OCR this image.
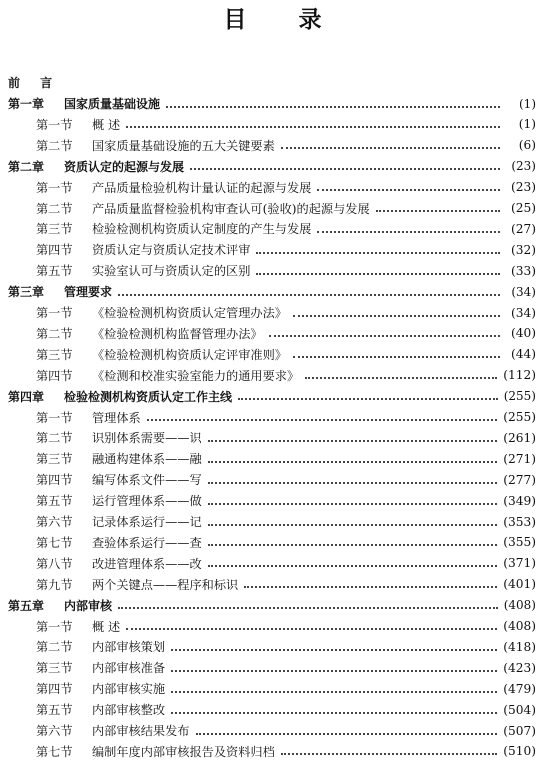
目 录
前 言
第一章	国家质量基础设施	(1)
第一节	概 述	(1)
第二节	国家质量基础设施的五大关键要素	(6)
第二章	资质认定的起源与发展	(23)
第一节	产品质量检验机构计量认证的起源与发展	(23)
第二节	产品质量监督检验机构审查认可(验收)的起源与发展	(25)
第三节	检验检测机构资质认定制度的产生与发展	(27)
第四节	资质认定与资质认定技术评审	(32)
第五节	实验室认可与资质认定的区别	(33)
第三章	管理要求	(34)
第一节	《检验检测机构资质认定管理办法》	(34)
第二节	《检验检测机构监督管理办法》	(40)
第三节	《检验检测机构资质认定评审准则》	(44)
第四节	《检测和校准实验室能力的通用要求》	(112)
第四章	检验检测机构资质认定工作主线	(255)
第一节	管理体系	(255)
第二节	识别体系需要——识	(261)
第三节	融通构建体系——融	(271)
第四节	编写体系文件——写	(277)
第五节	运行管理体系——做	(349)
第六节	记录体系运行——记	(353)
第七节	查验体系运行——查	(355)
第八节	改进管理体系——改	(371)
第九节	两个关键点——程序和标识	(401)
第五章	内部审核	(408)
第一节	概 述	(408)
第二节	内部审核策划	(418)
第三节	内部审核准备	(423)
第四节	内部审核实施	(479)
第五节	内部审核整改	(504)
第六节	内部审核结果发布	(507)
第七节	编制年度内部审核报告及资料归档	(510)
